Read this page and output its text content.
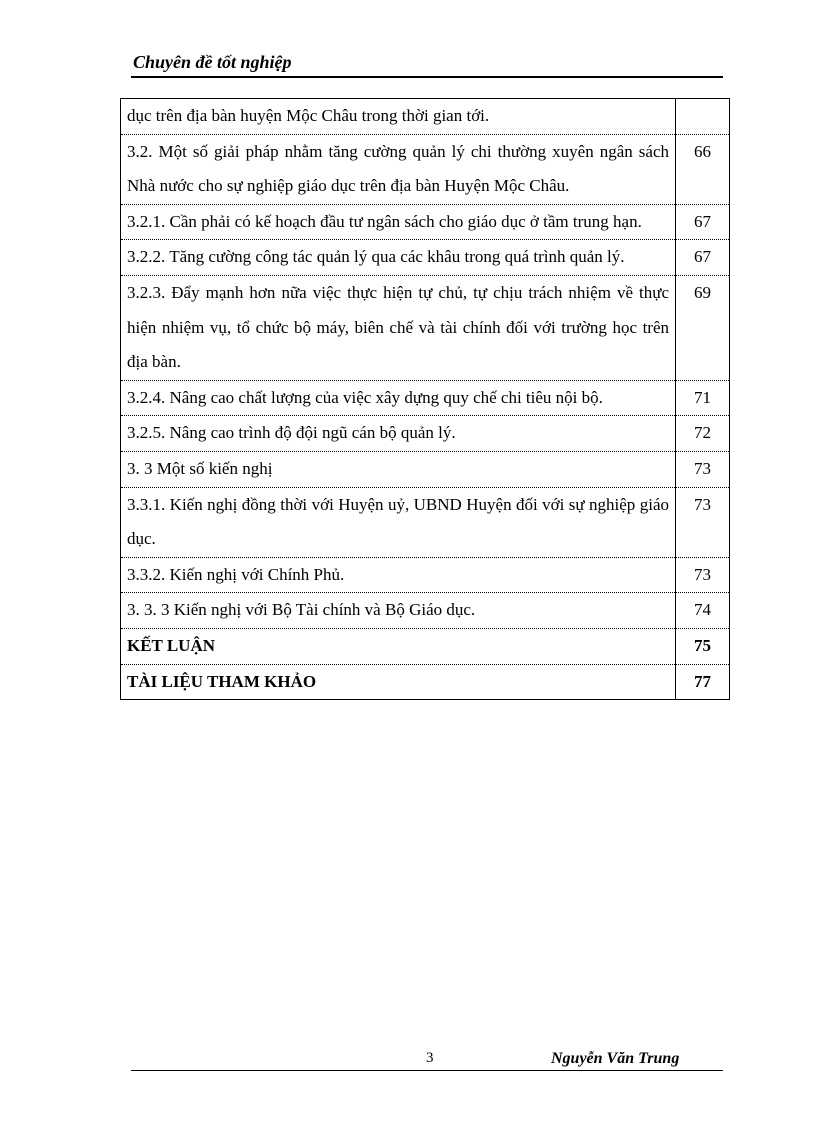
Chuyên đề tốt nghiệp
dục trên địa bàn huyện Mộc Châu trong thời gian tới.	
3.2. Một số giải pháp nhằm tăng cường quản lý chi thường xuyên ngân sách Nhà nước cho sự nghiệp giáo dục trên địa bàn Huyện Mộc Châu.	66
3.2.1. Cần phải có kế hoạch đầu tư ngân sách cho giáo dục ở tầm trung hạn.	67
3.2.2. Tăng cường công tác quản lý qua các khâu trong quá trình quản lý.	67
3.2.3. Đẩy mạnh hơn nữa việc thực hiện tự chủ, tự chịu trách nhiệm về thực hiện nhiệm vụ, tổ chức bộ máy, biên chế và tài chính đối với trường học trên địa bàn.	69
3.2.4. Nâng cao chất lượng của việc xây dựng quy chế chi tiêu nội bộ.	71
3.2.5. Nâng cao trình độ đội ngũ cán bộ quản lý.	72
3. 3 Một số kiến nghị	73
3.3.1. Kiến nghị đồng thời với Huyện uỷ, UBND Huyện đối với sự nghiệp giáo dục.	73
3.3.2. Kiến nghị với Chính Phủ.	73
3. 3. 3 Kiến nghị với Bộ Tài chính và Bộ Giáo dục.	74
KẾT LUẬN	75
TÀI LIỆU THAM KHẢO	77
3	Nguyễn Văn Trung
